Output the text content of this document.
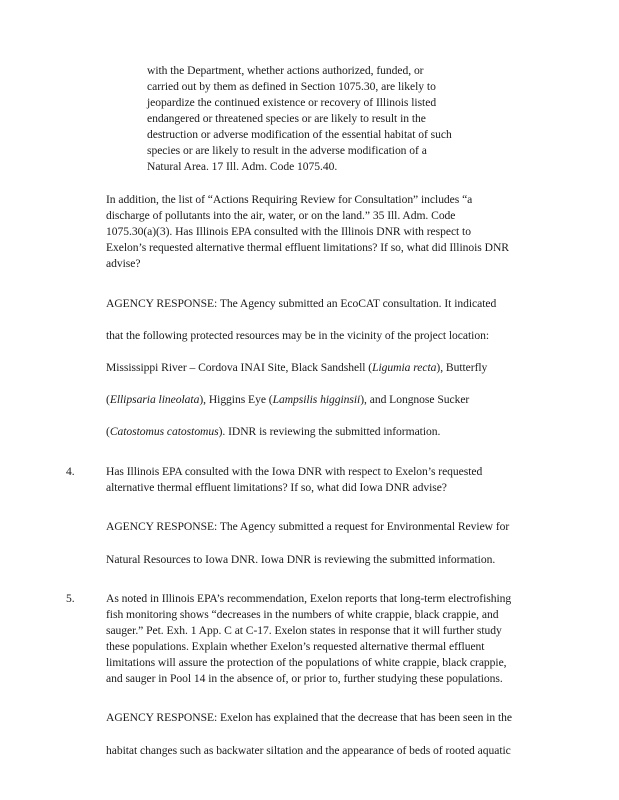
with the Department, whether actions authorized, funded, or
carried out by them as defined in Section 1075.30, are likely to
jeopardize the continued existence or recovery of Illinois listed
endangered or threatened species or are likely to result in the
destruction or adverse modification of the essential habitat of such
species or are likely to result in the adverse modification of a
Natural Area. 17 Ill. Adm. Code 1075.40.
In addition, the list of “Actions Requiring Review for Consultation” includes “a
discharge of pollutants into the air, water, or on the land.” 35 Ill. Adm. Code
1075.30(a)(3). Has Illinois EPA consulted with the Illinois DNR with respect to
Exelon’s requested alternative thermal effluent limitations? If so, what did Illinois DNR
advise?
AGENCY RESPONSE: The Agency submitted an EcoCAT consultation. It indicated
that the following protected resources may be in the vicinity of the project location:
Mississippi River – Cordova INAI Site, Black Sandshell (Ligumia recta), Butterfly
(Ellipsaria lineolata), Higgins Eye (Lampsilis higginsii), and Longnose Sucker
(Catostomus catostomus). IDNR is reviewing the submitted information.
4.	Has Illinois EPA consulted with the Iowa DNR with respect to Exelon’s requested
alternative thermal effluent limitations? If so, what did Iowa DNR advise?
AGENCY RESPONSE: The Agency submitted a request for Environmental Review for
Natural Resources to Iowa DNR. Iowa DNR is reviewing the submitted information.
5.	As noted in Illinois EPA’s recommendation, Exelon reports that long-term electrofishing
fish monitoring shows “decreases in the numbers of white crappie, black crappie, and
sauger.” Pet. Exh. 1 App. C at C-17. Exelon states in response that it will further study
these populations. Explain whether Exelon’s requested alternative thermal effluent
limitations will assure the protection of the populations of white crappie, black crappie,
and sauger in Pool 14 in the absence of, or prior to, further studying these populations.
AGENCY RESPONSE: Exelon has explained that the decrease that has been seen in the
habitat changes such as backwater siltation and the appearance of beds of rooted aquatic
